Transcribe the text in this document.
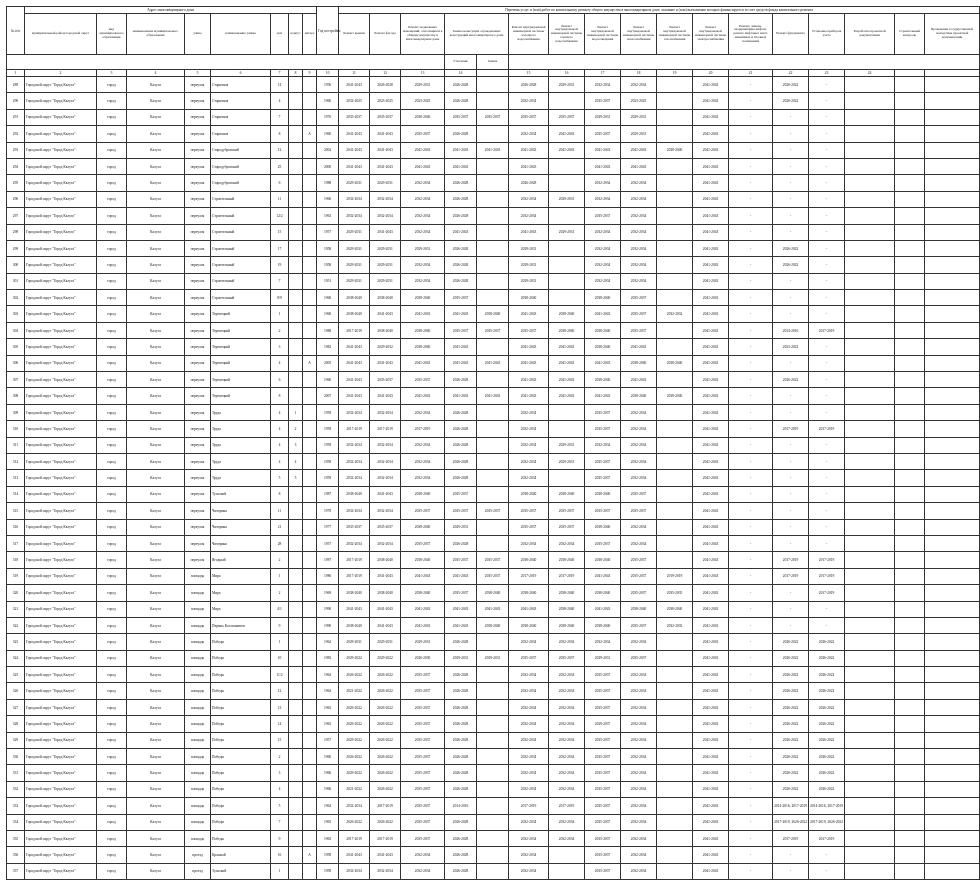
№ п/п	Адрес многоквартирного дома								Год постройки	Перечень услуг и (или) работ по капитальному ремонту общего имущества в многоквартирном доме, оказание и (или) выполнение которых финансируется за счет средств фонда капитального ремонта																
	муниципальный район/городской округ	вид муниципального образования	наименование муниципального образования	улица	наименование улицы	дом	корпус	литера		Ремонт крыши	Ремонт фасада	Ремонт подвальных помещений, относящихся к общему имуществу в многоквартирном доме	Замена ненесущих ограждающих конструкций многоквартирного дома		Ремонт внутридомовой инженерной системы холодного водоснабжения	Ремонт внутридомовой инженерной системы горячего водоснабжения	Ремонт внутридомовой инженерной системы водоотведения	Ремонт внутридомовой инженерной системы теплоснабжения	Ремонт внутридомовой инженерной системы газоснабжения	Ремонт внутридомовой инженерной системы электроснабжения	Ремонт, замена, модернизация лифтов, ремонт лифтовых шахт, машинных и блочных помещений	Ремонт фундамента	Установка приборов учета	Разработка проектной документации	Строительный контроль	Проведение государственной экспертизы проектной документации
													Утепление	Замена												
1	2	3	4	5	6	7	8	9	10	11	12	13	14		15	16	17	18	19	20	21	22	23	24		
289	Городской округ "Город Калуга"	город	Калуга	переулок	Старичков	14			1956	2041-2043	2026-2028	2029-2031	2026-2028		2026-2028	2029-2031	2032-2034	2032-2034		2041-2043	-	2026-2022	-			
290	Городской округ "Город Калуга"	город	Калуга	переулок	Старичков	4			1960	2032-2025	2023-2025	2023-2025	2026-2028		2032-2034		2035-2037	2023-2025		2041-2043	-	2026-2022	-			
291	Городской округ "Город Калуга"	город	Калуга	переулок	Старичков	7			1976	2035-2037	2035-2037	2038-2040	2035-2037	2035-2037	2035-2037	2035-2037	2029-2031	2029-2031		2041-2043	-	-	-			
292	Городской округ "Город Калуга"	город	Калуга	переулок	Старичков	8		А	1960	2041-2043	2041-2043	2035-2037	2026-2028		2032-2034	2041-2043	2035-2037	2029-2031		2041-2043	-	-	-			
293	Городской округ "Город Калуга"	город	Калуга	переулок	Стародубровский	12			2002	2041-2043	2041-2043	2041-2043	2041-2043	2041-2043	2041-2043	2041-2043	2041-2043	2041-2043	2038-2040	2041-2043	-	-	-			
294	Городской округ "Город Калуга"	город	Калуга	переулок	Стародубровский	25			2000	2041-2043	2041-2043	2041-2043	2041-2043		2041-2043		2041-2043	2041-2043		2041-2043	-	-	-			
295	Городской округ "Город Калуга"	город	Калуга	переулок	Стародубровский	6			1988	2029-2031	2029-2031	2032-2034	2026-2028		2026-2028		2032-2034	2032-2034		2041-2043	-	-	-			
296	Городской округ "Город Калуга"	город	Калуга	переулок	Строительный	11			1960	2032-2034	2032-2034	2032-2034	2026-2028		2032-2034	2029-2031	2032-2034	2032-2034		2041-2043	-	-	-			
297	Городской округ "Город Калуга"	город	Калуга	переулок	Строительный	12/2			1963	2032-2034	2032-2034	2032-2034	2026-2028		2032-2034		2035-2037	2032-2034		2041-2043	-	-	-			
298	Городской округ "Город Калуга"	город	Калуга	переулок	Строительный	15			1957	2029-2031	2041-2043	2032-2034	2041-2043		2041-2043	2029-2031	2032-2034	2032-2034		2041-2043	-	-	-			
299	Городской округ "Город Калуга"	город	Калуга	переулок	Строительный	17			1958	2029-2031	2029-2031	2029-2031	2026-2028		2029-2031		2032-2034	2032-2034		2041-2043	-	2026-2022	-			
300	Городской округ "Город Калуга"	город	Калуга	переулок	Строительный	19			1958	2029-2031	2029-2031	2032-2034	2026-2028		2029-2031		2032-2034	2032-2034		2041-2043	-	2026-2022	-			
301	Городской округ "Город Калуга"	город	Калуга	переулок	Строительный	7			1951	2029-2031	2029-2031	2032-2034	2026-2028		2029-2031		2032-2034	2032-2034		2041-2043	-	-	-			
302	Городской округ "Город Калуга"	город	Калуга	переулок	Строительный	8/9			1960	2038-2040	2038-2040	2038-2040	2035-2037		2038-2040		2038-2040	2035-2037		2041-2043	-	-	-			
303	Городской округ "Город Калуга"	город	Калуга	переулок	Терепецкий	1			1960	2038-2040	2041-2043	2041-2043	2041-2043	2038-2040	2041-2043	2038-2040	2041-2043	2035-2037	2032-2032	2041-2043	-	-	-			
304	Городской округ "Город Калуга"	город	Калуга	переулок	Терепецкий	2			1988	2017-2019	2038-2040	2038-2040	2035-2037	2035-2037	2035-2037	2038-2040	2038-2040	2035-2037		2041-2043	-	2014-2016	2017-2019			
305	Городской округ "Город Калуга"	город	Калуга	переулок	Терепецкий	3			1982	2041-2043	2029-2032	2038-2040	2041-2043		2041-2043	2041-2043	2038-2040	2041-2043		2041-2043	-	2023-2022	-			
306	Городской округ "Город Калуга"	город	Калуга	переулок	Терепецкий	4		А	2005	2041-2043	2041-2043	2041-2043	2041-2043	2041-2043	2041-2043	2041-2043	2041-2043	2038-2040	2038-2040	2041-2043	-	-	-			
307	Городской округ "Город Калуга"	город	Калуга	переулок	Терепецкий	6			1960	2041-2043	2035-2037	2035-2037	2026-2028		2041-2043	2041-2043	2038-2040	2041-2043		2041-2043	-	2026-2022	-			
308	Городской округ "Город Калуга"	город	Калуга	переулок	Терепецкий	8			2007	2041-2043	2041-2043	2041-2043	2041-2043	2041-2043	2041-2043	2041-2043	2041-2043	2038-2040	2038-2040	2041-2043	-	-	-			
309	Городской округ "Город Калуга"	город	Калуга	переулок	Труда	4	1		1959	2032-2034	2032-2034	2032-2034	2026-2028		2032-2034		2035-2037	2032-2034		2041-2043	-	-	-			
310	Городской округ "Город Калуга"	город	Калуга	переулок	Труда	4	2		1959	2017-2019	2017-2019	2017-2019	2026-2028		2032-2034		2035-2037	2032-2034		2041-2043	-	2017-2019	2017-2019			
311	Городской округ "Город Калуга"	город	Калуга	переулок	Труда	4	3		1959	2032-2034	2032-2034	2032-2034	2026-2028		2032-2034	2029-2031	2032-2034	2032-2034		2041-2043	-	-	-			
312	Городской округ "Город Калуга"	город	Калуга	переулок	Труда	4	4		1958	2032-2034	2032-2034	2032-2034	2026-2028		2032-2034	2029-2031	2035-2037	2032-2034		2041-2043	-	-	-			
313	Городской округ "Город Калуга"	город	Калуга	переулок	Труда	5	5		1959	2032-2034	2032-2034	2032-2034	2026-2028		2032-2034		2035-2037	2032-2034		2041-2043	-	-	-			
314	Городской округ "Город Калуга"	город	Калуга	переулок	Тульский	8			1987	2038-2040	2041-2043	2038-2040	2035-2037		2038-2040	2038-2040	2038-2040	2035-2037		2041-2043	-	-	-			
315	Городской округ "Город Калуга"	город	Калуга	переулок	Чичерина	11			1978	2032-2034	2032-2034	2035-2037	2035-2037	2035-2037	2035-2037	2035-2037	2035-2037	2035-2037		2041-2043	-	-	-			
316	Городской округ "Город Калуга"	город	Калуга	переулок	Чичерина	21			1977	2035-2037	2035-2037	2038-2040	2029-2031		2035-2037	2035-2037	2038-2040	2032-2034		2041-2043	-	-	-			
317	Городской округ "Город Калуга"	город	Калуга	переулок	Чичерина	28			1957	2032-2034	2032-2034	2035-2037	2026-2028		2032-2034	2032-2034	2035-2037	2032-2034		2041-2043	-	-	-			
318	Городской округ "Город Калуга"	город	Калуга	переулок	Ягодный	2			1987	2017-2019	2038-2040	2038-2040	2035-2037	2035-2037	2038-2040	2038-2040	2038-2040	2035-2037		2041-2043	-	2017-2019	2017-2019			
319	Городской округ "Город Калуга"	город	Калуга	площадь	Мира	1			1986	2017-2019	2041-2043	2041-2043	2041-2043	2035-2037	2017-2019	2017-2019	2041-2043	2035-2037	2019-2019	2041-2043	-	2017-2019	2017-2019			
320	Городской округ "Город Калуга"	город	Калуга	площадь	Мира	2			1969	2038-2040	2038-2040	2038-2040	2035-2037	2038-2040	2038-2040	2038-2040	2038-2040	2035-2037	2035-2035	2041-2043	-	-	2017-2019			
321	Городской округ "Город Калуга"	город	Калуга	площадь	Мира	4/1			1990	2041-2043	2041-2043	2041-2043	2041-2043	2041-2043	2041-2043	2038-2040	2041-2043	2038-2040	2038-2040	2041-2043	-	-	-			
322	Городской округ "Город Калуга"	город	Калуга	площадь	Первых Космонавтов	9			1990	2038-2040	2041-2043	2041-2043	2041-2043	2038-2040	2038-2040	2038-2040	2038-2040	2035-2037	2032-2035	2041-2043	-	-	-			
323	Городской округ "Город Калуга"	город	Калуга	площадь	Победы	1			1964	2029-2031	2029-2031	2029-2031	2026-2028		2032-2034	2032-2034	2032-2034	2032-2034		2041-2043	-	2026-2022	2026-2022			
324	Городской округ "Город Калуга"	город	Калуга	площадь	Победы	10			1983	2029-2022	2029-2022	2026-2030	2029-2031	2029-2031	2035-2037	2035-2037	2029-2031	2035-2037		2041-2043	-	2026-2022	2026-2022			
325	Городской округ "Город Калуга"	город	Калуга	площадь	Победы	11/2			1964	2026-2022	2026-2022	2035-2037	2026-2028		2032-2034	2032-2034	2035-2037	2032-2034		2041-2043	-	2026-2022	2026-2022			
326	Городской округ "Город Калуга"	город	Калуга	площадь	Победы	12			1964	2021-2022	2026-2022	2035-2037	2026-2028		2032-2034	2032-2034	2035-2037	2032-2034		2041-2043	-	2026-2022	2026-2022			
327	Городской округ "Город Калуга"	город	Калуга	площадь	Победы	13			1965	2026-2022	2026-2022	2035-2037	2026-2028		2032-2034	2032-2034	2035-2037	2032-2034		2041-2043	-	2026-2022	2026-2022			
328	Городской округ "Город Калуга"	город	Калуга	площадь	Победы	14			1965	2026-2022	2026-2022	2035-2037	2026-2028		2032-2034	2032-2034	2029-2037	2032-2034		2041-2043	-	2026-2022	2026-2022			
329	Городской округ "Город Калуга"	город	Калуга	площадь	Победы	15			1957	2029-2022	2026-2022	2035-2037	2026-2028		2032-2034	2032-2034	2035-2037	2032-2034		2041-2043	-	2026-2022	2026-2022			
330	Городской округ "Город Калуга"	город	Калуга	площадь	Победы	2			1960	2026-2022	2026-2022	2035-2037	2026-2028		2032-2034	2032-2034	2035-2037	2032-2034		2041-2043	-	2026-2022	2026-2022			
331	Городской округ "Город Калуга"	город	Калуга	площадь	Победы	3			1966	2029-2022	2026-2022	2035-2037	2026-2028		2032-2034	2032-2034	2035-2037	2032-2034		2041-2043	-	2026-2022	2026-2022			
332	Городской округ "Город Калуга"	город	Калуга	площадь	Победы	4			1966	2021-2022	2026-2022	2035-2037	2026-2028		2032-2034	2032-2034	2035-2037	2032-2034		2041-2043	-	2026-2022	2026-2022			
333	Городской округ "Город Калуга"	город	Калуга	площадь	Победы	5			1964	2032-2034	2017-2019	2035-2037	2014-2016		2017-2019	2017-2019	2035-2037	2032-2034		2041-2043	-	2014-2016, 2017-2019	2014-2016, 2017-2019			
334	Городской округ "Город Калуга"	город	Калуга	площадь	Победы	7			1965	2026-2022	2026-2022	2035-2037	2026-2028		2032-2034	2032-2034	2035-2037	2032-2034		2041-2043	-	2017-2019, 2026-2022	2017-2019, 2026-2022			
335	Городской округ "Город Калуга"	город	Калуга	площадь	Победы	9			1965	2017-2019	2017-2019	2035-2037	2026-2028		2032-2034	2032-2034	2035-2037	2032-2034		2041-2043	-	2017-2019	2017-2019			
336	Городской округ "Город Калуга"	город	Калуга	проезд	Красный	16		А	1958	2041-2043	2041-2043	2032-2034	2026-2028		2032-2034		2035-2037	2032-2034		2041-2043	-	-	-			
337	Городской округ "Город Калуга"	город	Калуга	проезд	Тульский	1			1958	2032-2034	2032-2034	2032-2034	2026-2028		2032-2034		2035-2037	2032-2034		2041-2043	-	-	-			
